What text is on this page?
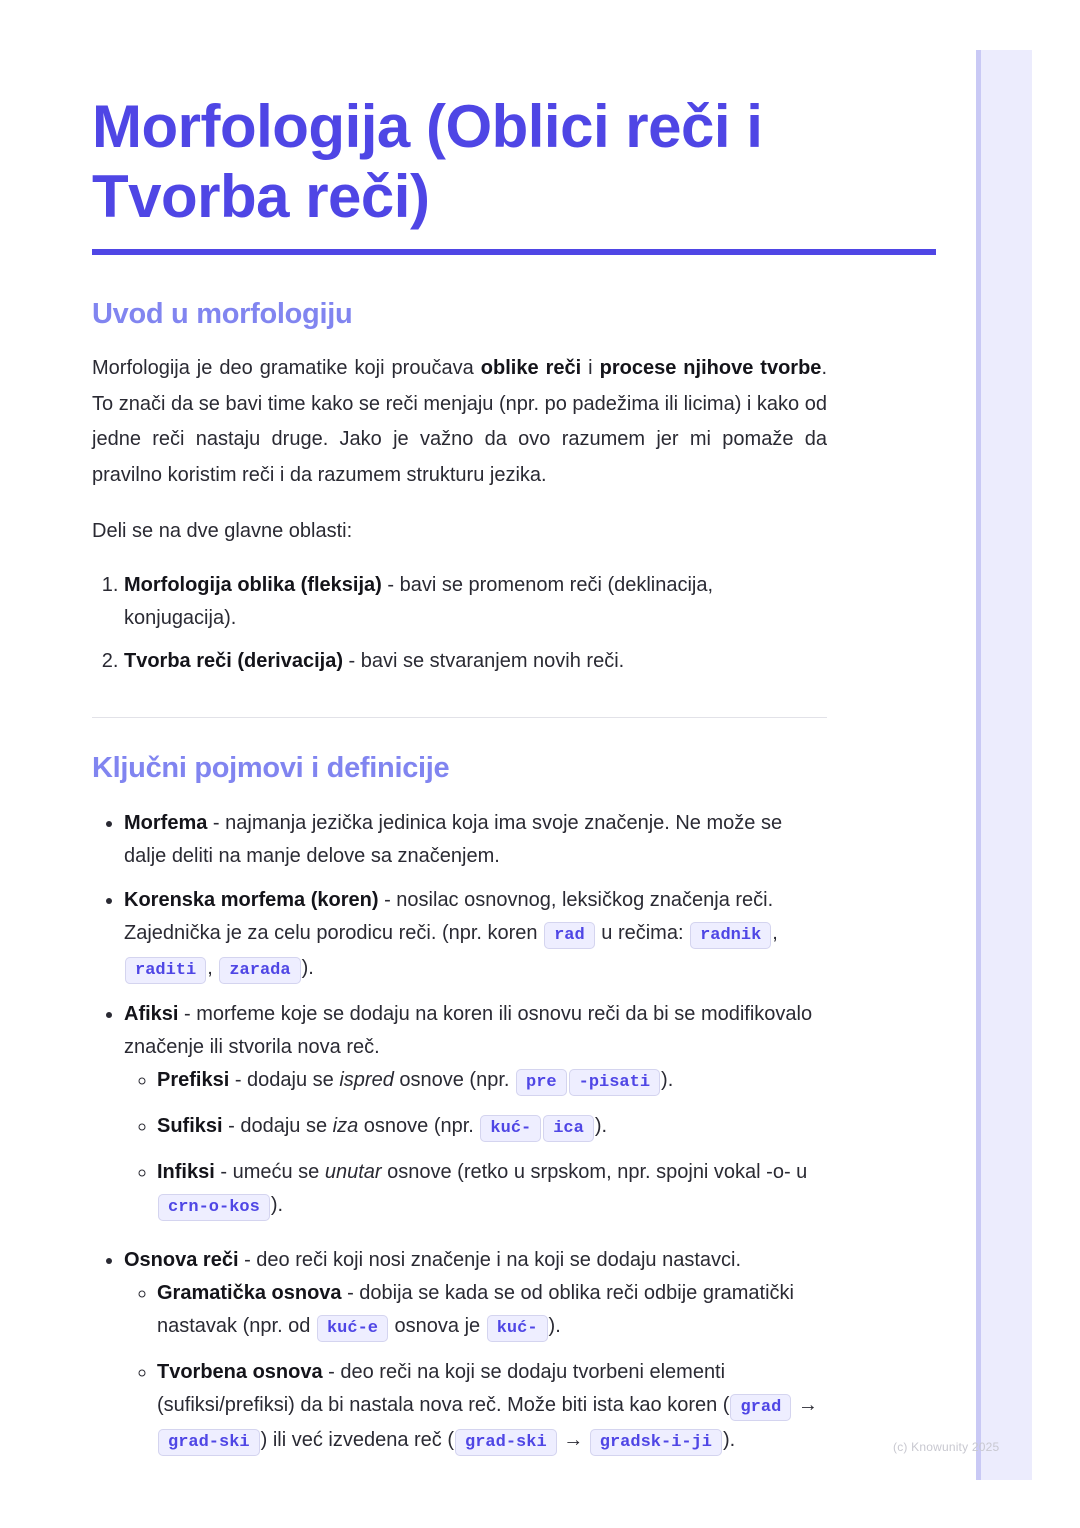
(c) Knowunity 2025
Morfologija (Oblici reči i Tvorba reči)
Uvod u morfologiju

Morfologija je deo gramatike koji proučava oblike reči i procese njihove tvorbe. To znači da se bavi time kako se reči menjaju (npr. po padežima ili licima) i kako od jedne reči nastaju druge. Jako je važno da ovo razumem jer mi pomaže da pravilno koristim reči i da razumem strukturu jezika.

Deli se na dve glavne oblasti:

1. Morfologija oblika (fleksija) - bavi se promenom reči (deklinacija, konjugacija).
2. Tvorba reči (derivacija) - bavi se stvaranjem novih reči.
Ključni pojmovi i definicije
• Morfema - najmanja jezička jedinica koja ima svoje značenje. Ne može se dalje deliti na manje delove sa značenjem.
• Korenska morfema (koren) - nosilac osnovnog, leksičkog značenja reči. Zajednička je za celu porodicu reči. (npr. koren rad u rečima: radnik , raditi , zarada ).
• Afiksi - morfeme koje se dodaju na koren ili osnovu reči da bi se modifikovalo značenje ili stvorila nova reč.
◦ Prefiksi - dodaju se ispred osnove (npr. pre -pisati ).
◦ Sufiksi - dodaju se iza osnove (npr. kuć- ica ).
◦ Infiksi - umeću se unutar osnove (retko u srpskom, npr. spojni vokal -o- u crn-o-kos ).
• Osnova reči - deo reči koji nosi značenje i na koji se dodaju nastavci.
◦ Gramatička osnova - dobija se kada se od oblika reči odbije gramatički nastavak (npr. od kuć-e osnova je kuć- ).
◦ Tvorbena osnova - deo reči na koji se dodaju tvorbeni elementi (sufiksi/prefiksi) da bi nastala nova reč. Može biti ista kao koren ( grad → grad-ski ) ili već izvedena reč ( grad-ski → gradsk-i-ji ).
